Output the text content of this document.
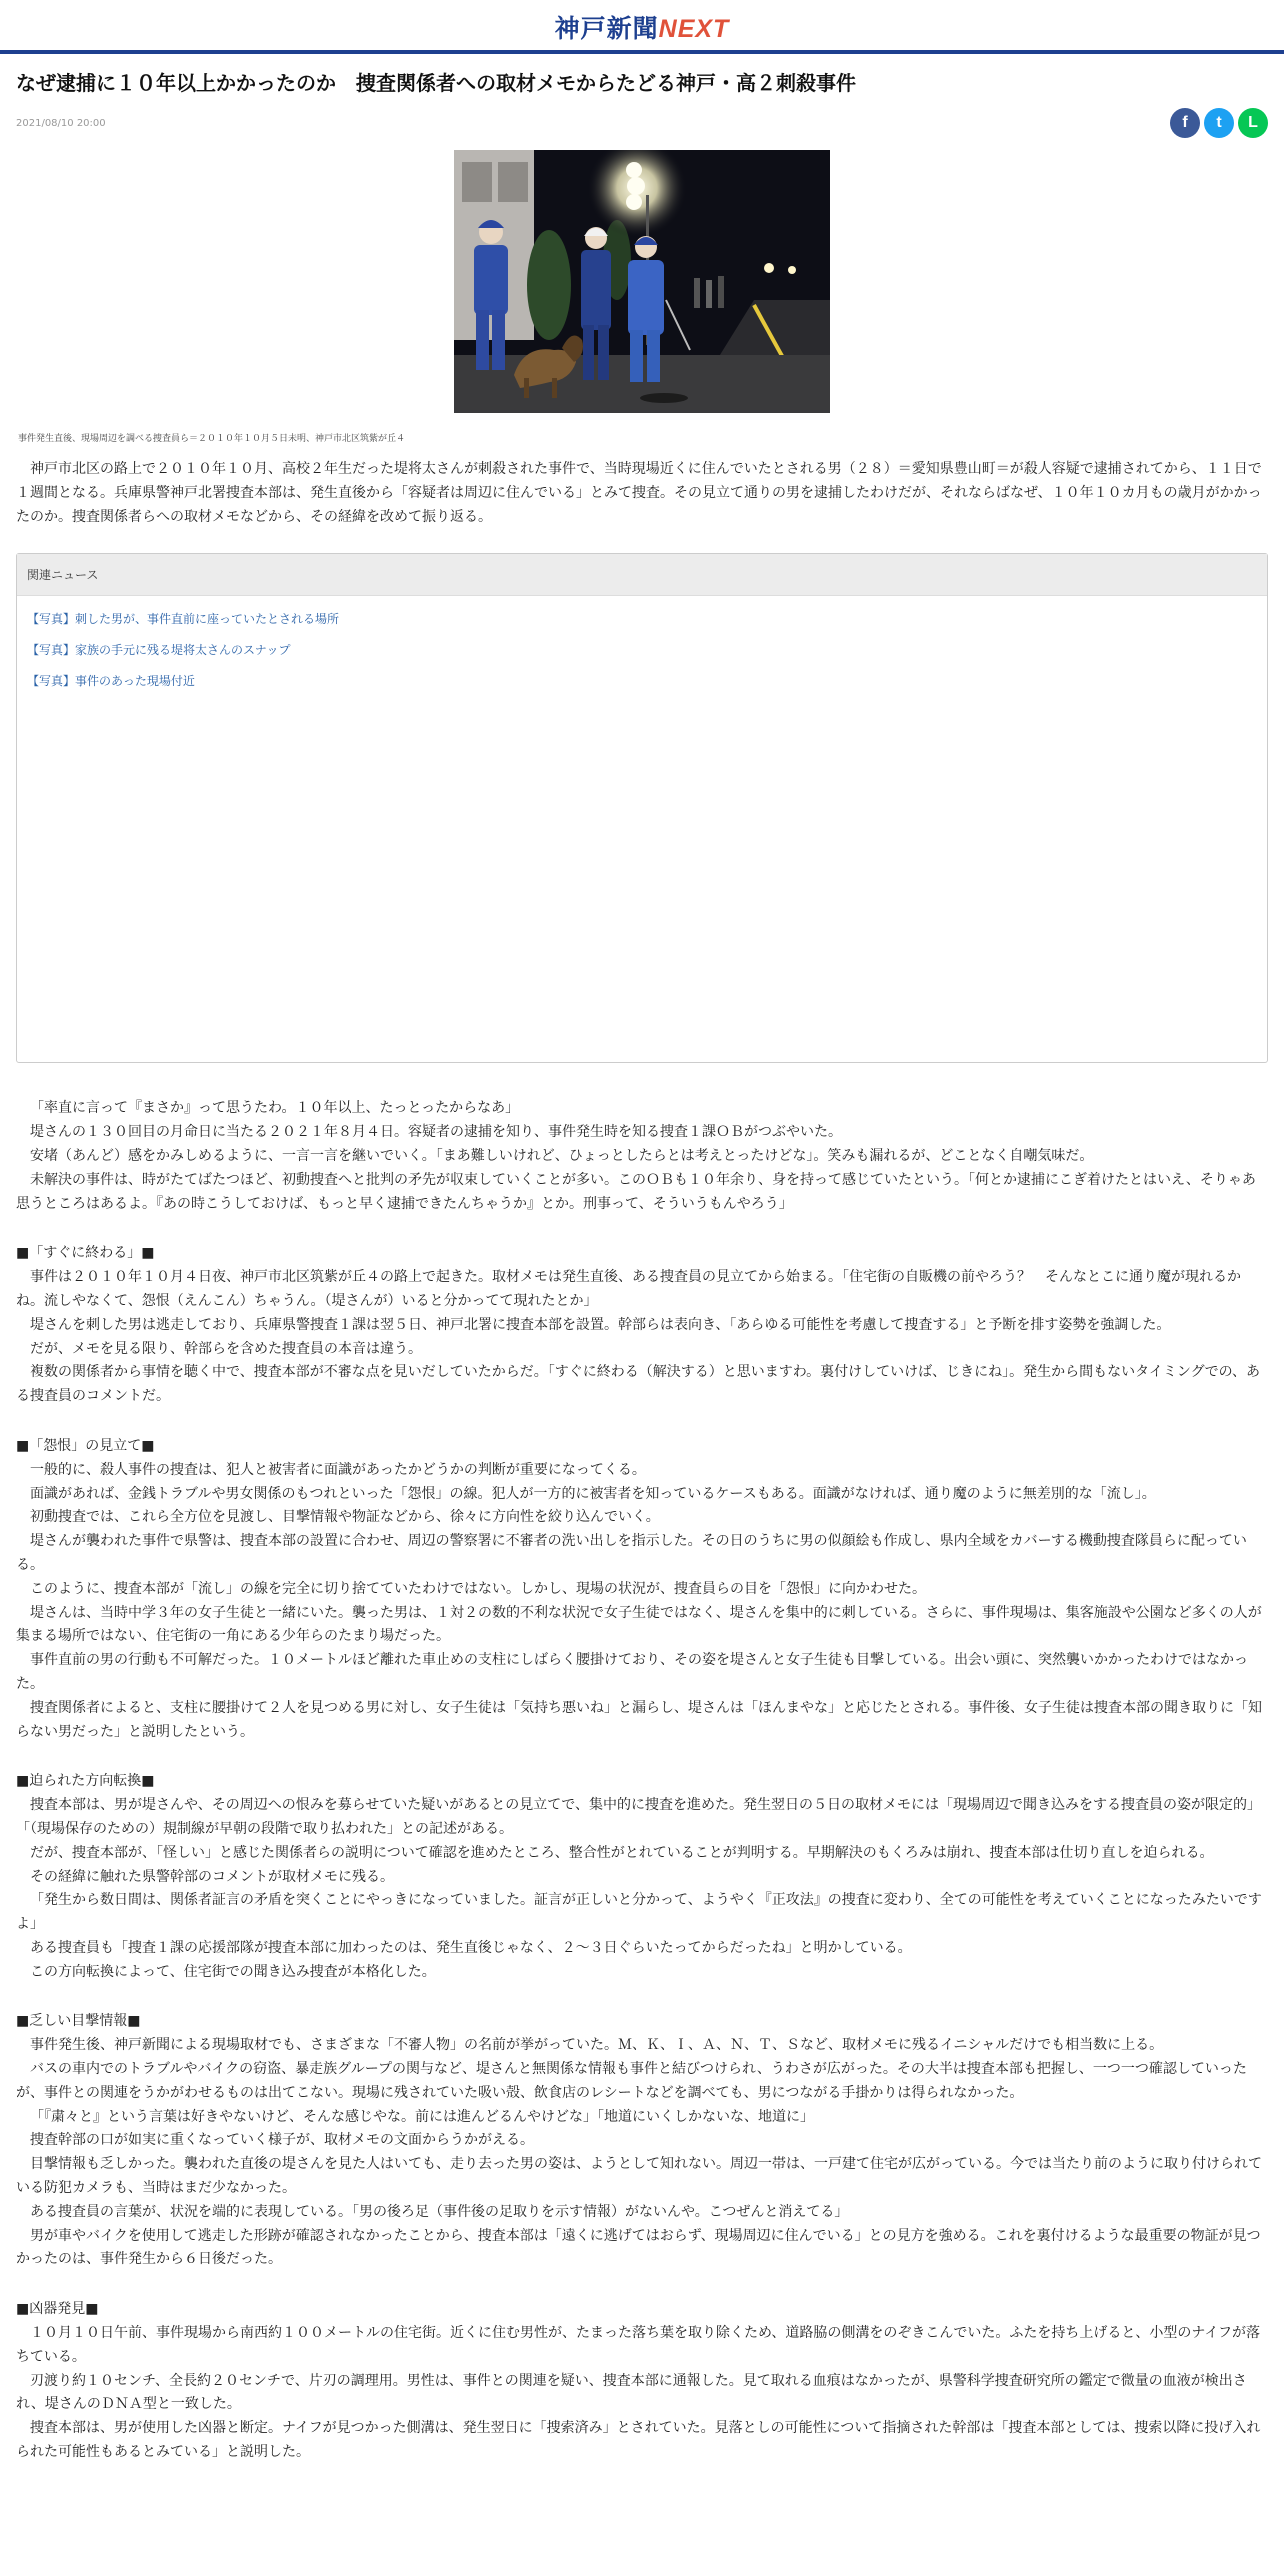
神戸新聞NEXT
なぜ逮捕に１０年以上かかったのか　捜査関係者への取材メモからたどる神戸・高２刺殺事件
2021/08/10 20:00	f t L

事件発生直後、現場周辺を調べる捜査員ら＝２０１０年１０月５日未明、神戸市北区筑紫が丘４

神戸市北区の路上で２０１０年１０月、高校２年生だった堤将太さんが刺殺された事件で、当時現場近くに住んでいたとされる男（２８）＝愛知県豊山町＝が殺人容疑で逮捕されてから、１１日で１週間となる。兵庫県警神戸北署捜査本部は、発生直後から「容疑者は周辺に住んでいる」とみて捜査。その見立て通りの男を逮捕したわけだが、それならばなぜ、１０年１０カ月もの歳月がかかったのか。捜査関係者らへの取材メモなどから、その経緯を改めて振り返る。

関連ニュース
【写真】刺した男が、事件直前に座っていたとされる場所
【写真】家族の手元に残る堤将太さんのスナップ
【写真】事件のあった現場付近

「率直に言って『まさか』って思うたわ。１０年以上、たっとったからなあ」

堤さんの１３０回目の月命日に当たる２０２１年８月４日。容疑者の逮捕を知り、事件発生時を知る捜査１課ＯＢがつぶやいた。

安堵（あんど）感をかみしめるように、一言一言を継いでいく。「まあ難しいけれど、ひょっとしたらとは考えとったけどな」。笑みも漏れるが、どことなく自嘲気味だ。

未解決の事件は、時がたてばたつほど、初動捜査へと批判の矛先が収束していくことが多い。このＯＢも１０年余り、身を持って感じていたという。「何とか逮捕にこぎ着けたとはいえ、そりゃあ思うところはあるよ。『あの時こうしておけば、もっと早く逮捕できたんちゃうか』とか。刑事って、そういうもんやろう」

■「すぐに終わる」■

事件は２０１０年１０月４日夜、神戸市北区筑紫が丘４の路上で起きた。取材メモは発生直後、ある捜査員の見立てから始まる。「住宅街の自販機の前やろう？　そんなとこに通り魔が現れるかね。流しやなくて、怨恨（えんこん）ちゃうん。（堤さんが）いると分かってて現れたとか」

堤さんを刺した男は逃走しており、兵庫県警捜査１課は翌５日、神戸北署に捜査本部を設置。幹部らは表向き、「あらゆる可能性を考慮して捜査する」と予断を排す姿勢を強調した。

だが、メモを見る限り、幹部らを含めた捜査員の本音は違う。

複数の関係者から事情を聴く中で、捜査本部が不審な点を見いだしていたからだ。「すぐに終わる（解決する）と思いますわ。裏付けしていけば、じきにね」。発生から間もないタイミングでの、ある捜査員のコメントだ。

■「怨恨」の見立て■

一般的に、殺人事件の捜査は、犯人と被害者に面識があったかどうかの判断が重要になってくる。

面識があれば、金銭トラブルや男女関係のもつれといった「怨恨」の線。犯人が一方的に被害者を知っているケースもある。面識がなければ、通り魔のように無差別的な「流し」。

初動捜査では、これら全方位を見渡し、目撃情報や物証などから、徐々に方向性を絞り込んでいく。

堤さんが襲われた事件で県警は、捜査本部の設置に合わせ、周辺の警察署に不審者の洗い出しを指示した。その日のうちに男の似顔絵も作成し、県内全域をカバーする機動捜査隊員らに配っている。

このように、捜査本部が「流し」の線を完全に切り捨てていたわけではない。しかし、現場の状況が、捜査員らの目を「怨恨」に向かわせた。

堤さんは、当時中学３年の女子生徒と一緒にいた。襲った男は、１対２の数的不利な状況で女子生徒ではなく、堤さんを集中的に刺している。さらに、事件現場は、集客施設や公園など多くの人が集まる場所ではない、住宅街の一角にある少年らのたまり場だった。

事件直前の男の行動も不可解だった。１０メートルほど離れた車止めの支柱にしばらく腰掛けており、その姿を堤さんと女子生徒も目撃している。出会い頭に、突然襲いかかったわけではなかった。

捜査関係者によると、支柱に腰掛けて２人を見つめる男に対し、女子生徒は「気持ち悪いね」と漏らし、堤さんは「ほんまやな」と応じたとされる。事件後、女子生徒は捜査本部の聞き取りに「知らない男だった」と説明したという。

■迫られた方向転換■

捜査本部は、男が堤さんや、その周辺への恨みを募らせていた疑いがあるとの見立てで、集中的に捜査を進めた。発生翌日の５日の取材メモには「現場周辺で聞き込みをする捜査員の姿が限定的」「（現場保存のための）規制線が早朝の段階で取り払われた」との記述がある。

だが、捜査本部が、「怪しい」と感じた関係者らの説明について確認を進めたところ、整合性がとれていることが判明する。早期解決のもくろみは崩れ、捜査本部は仕切り直しを迫られる。

その経緯に触れた県警幹部のコメントが取材メモに残る。

「発生から数日間は、関係者証言の矛盾を突くことにやっきになっていました。証言が正しいと分かって、ようやく『正攻法』の捜査に変わり、全ての可能性を考えていくことになったみたいですよ」

ある捜査員も「捜査１課の応援部隊が捜査本部に加わったのは、発生直後じゃなく、２～３日ぐらいたってからだったね」と明かしている。

この方向転換によって、住宅街での聞き込み捜査が本格化した。

■乏しい目撃情報■

事件発生後、神戸新聞による現場取材でも、さまざまな「不審人物」の名前が挙がっていた。Ｍ、Ｋ、Ｉ、Ａ、Ｎ、Ｔ、Ｓなど、取材メモに残るイニシャルだけでも相当数に上る。

バスの車内でのトラブルやバイクの窃盗、暴走族グループの関与など、堤さんと無関係な情報も事件と結びつけられ、うわさが広がった。その大半は捜査本部も把握し、一つ一つ確認していったが、事件との関連をうかがわせるものは出てこない。現場に残されていた吸い殻、飲食店のレシートなどを調べても、男につながる手掛かりは得られなかった。

「『粛々と』という言葉は好きやないけど、そんな感じやな。前には進んどるんやけどな」「地道にいくしかないな、地道に」

捜査幹部の口が如実に重くなっていく様子が、取材メモの文面からうかがえる。

目撃情報も乏しかった。襲われた直後の堤さんを見た人はいても、走り去った男の姿は、ようとして知れない。周辺一帯は、一戸建て住宅が広がっている。今では当たり前のように取り付けられている防犯カメラも、当時はまだ少なかった。

ある捜査員の言葉が、状況を端的に表現している。「男の後ろ足（事件後の足取りを示す情報）がないんや。こつぜんと消えてる」

男が車やバイクを使用して逃走した形跡が確認されなかったことから、捜査本部は「遠くに逃げてはおらず、現場周辺に住んでいる」との見方を強める。これを裏付けるような最重要の物証が見つかったのは、事件発生から６日後だった。

■凶器発見■

１０月１０日午前、事件現場から南西約１００メートルの住宅街。近くに住む男性が、たまった落ち葉を取り除くため、道路脇の側溝をのぞきこんでいた。ふたを持ち上げると、小型のナイフが落ちている。

刃渡り約１０センチ、全長約２０センチで、片刃の調理用。男性は、事件との関連を疑い、捜査本部に通報した。見て取れる血痕はなかったが、県警科学捜査研究所の鑑定で微量の血液が検出され、堤さんのＤＮＡ型と一致した。

捜査本部は、男が使用した凶器と断定。ナイフが見つかった側溝は、発生翌日に「捜索済み」とされていた。見落としの可能性について指摘された幹部は「捜査本部としては、捜索以降に投げ入れられた可能性もあるとみている」と説明した。
